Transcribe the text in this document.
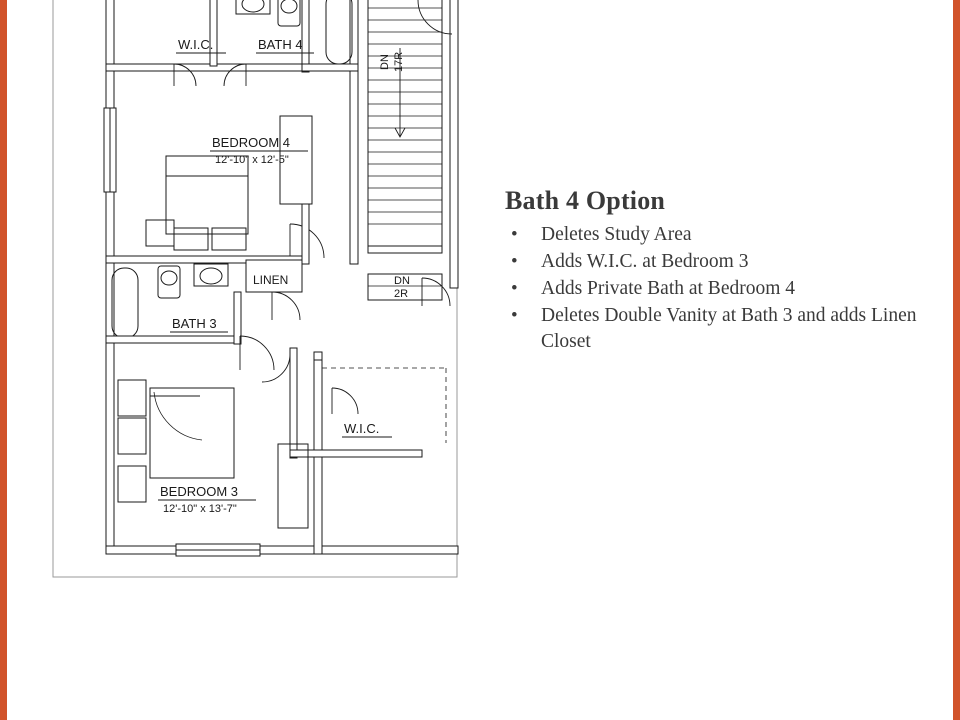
W.I.C.	BATH 4
BEDROOM 4
12'-10" x 12'-5"
LINEN
BATH 3
W.I.C.
BEDROOM 3
12'-10" x 13'-7"
DN 17R
DN
2R
Bath 4 Option
• Deletes Study Area
• Adds W.I.C. at Bedroom 3
• Adds Private Bath at Bedroom 4
• Deletes Double Vanity at Bath 3 and adds Linen Closet
